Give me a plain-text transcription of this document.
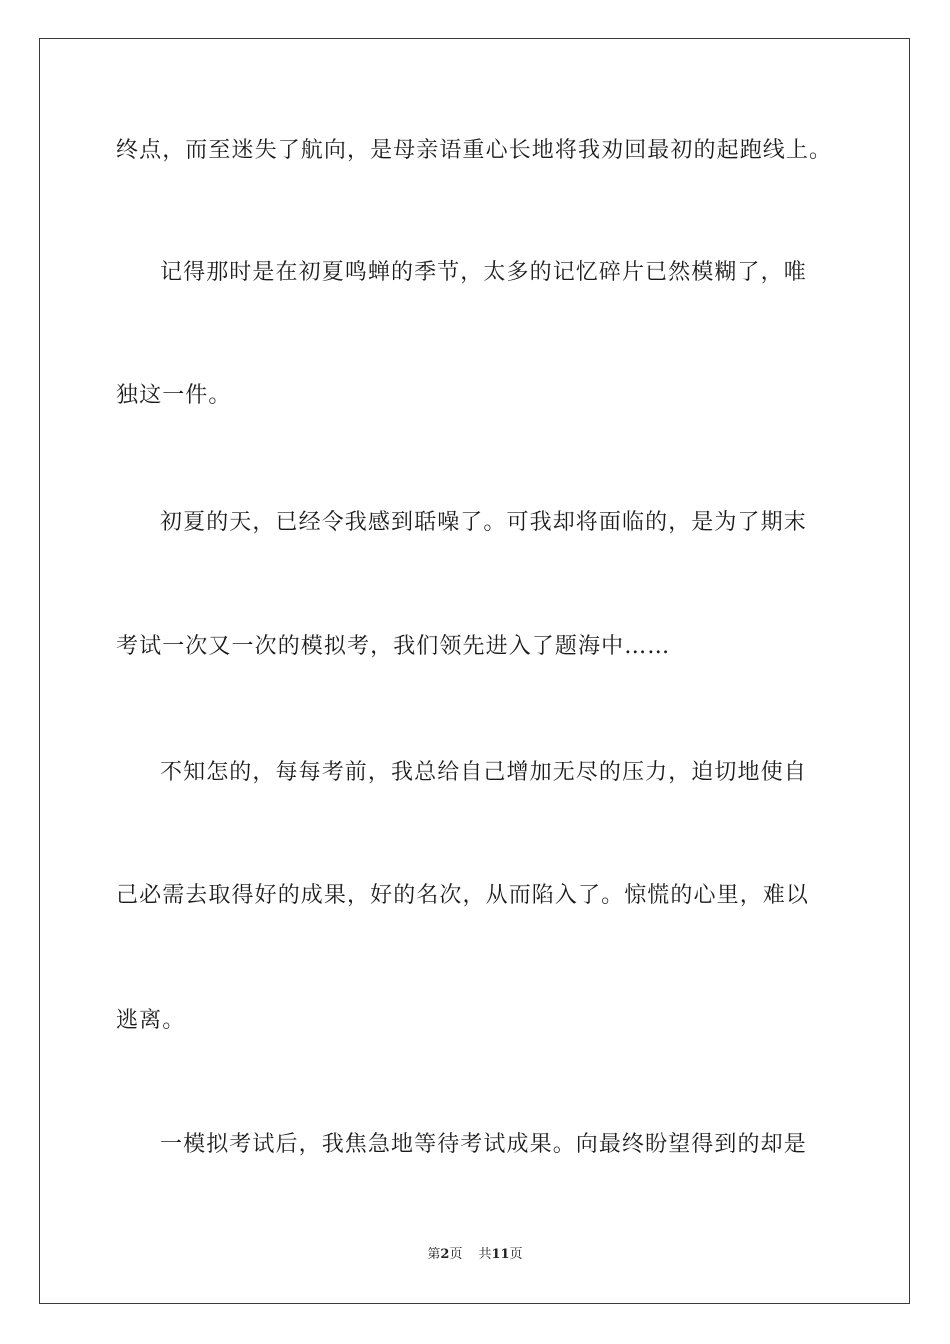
终点，而至迷失了航向，是母亲语重心长地将我劝回最初的起跑线上。
记得那时是在初夏鸣蝉的季节，太多的记忆碎片已然模糊了，唯
独这一件。
初夏的天，已经令我感到聒噪了。可我却将面临的，是为了期末
考试一次又一次的模拟考，我们领先进入了题海中……
不知怎的，每每考前，我总给自己增加无尽的压力，迫切地使自
己必需去取得好的成果，好的名次，从而陷入了。惊慌的心里，难以
逃离。
一模拟考试后，我焦急地等待考试成果。向最终盼望得到的却是
第2页 共11页
